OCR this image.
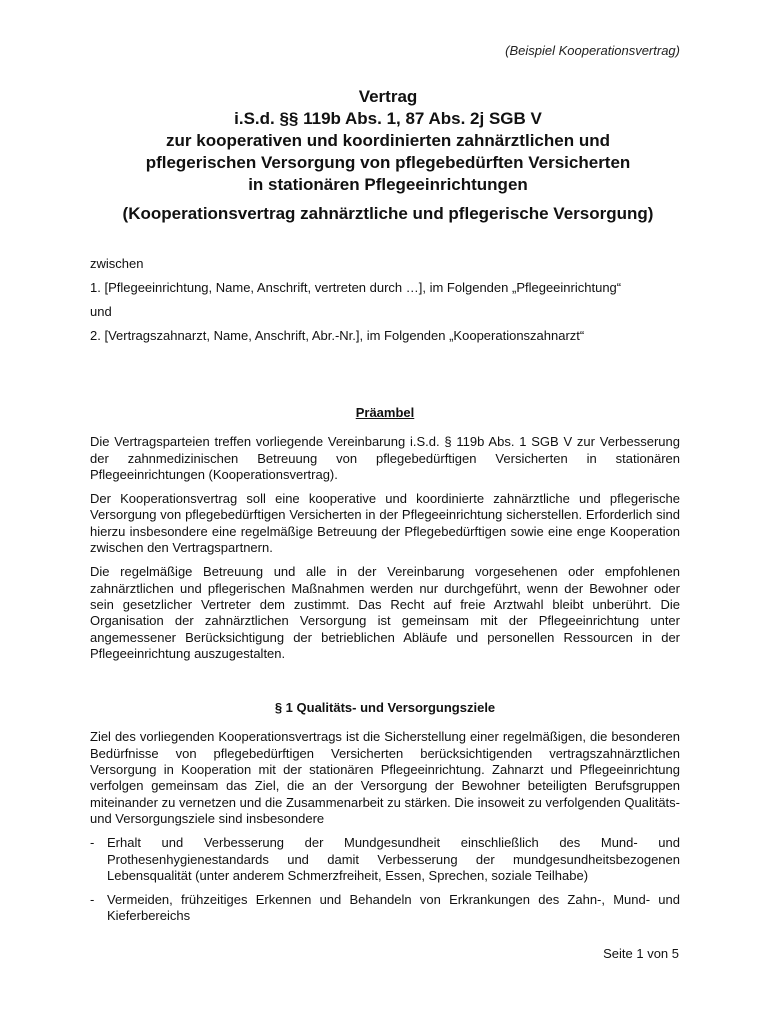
(Beispiel Kooperationsvertrag)

Vertrag

i.S.d. §§ 119b Abs. 1, 87 Abs. 2j SGB V

zur kooperativen und koordinierten zahnärztlichen und

pflegerischen Versorgung von pflegebedürften Versicherten

in stationären Pflegeeinrichtungen

(Kooperationsvertrag zahnärztliche und pflegerische Versorgung)

zwischen

1. [Pflegeeinrichtung, Name, Anschrift, vertreten durch …], im Folgenden „Pflegeeinrichtung“

und

2. [Vertragszahnarzt, Name, Anschrift, Abr.-Nr.], im Folgenden „Kooperationszahnarzt“

Präambel

Die Vertragsparteien treffen vorliegende Vereinbarung i.S.d. § 119b Abs. 1 SGB V zur Verbesserung der zahnmedizinischen Betreuung von pflegebedürftigen Versicherten in stationären Pflegeeinrichtungen (Kooperationsvertrag).

Der Kooperationsvertrag soll eine kooperative und koordinierte zahnärztliche und pflegerische Versorgung von pflegebedürftigen Versicherten in der Pflegeeinrichtung sicherstellen. Erforderlich sind hierzu insbesondere eine regelmäßige Betreuung der Pflegebedürftigen sowie eine enge Kooperation zwischen den Vertragspartnern.

Die regelmäßige Betreuung und alle in der Vereinbarung vorgesehenen oder empfohlenen zahnärztlichen und pflegerischen Maßnahmen werden nur durchgeführt, wenn der Bewohner oder sein gesetzlicher Vertreter dem zustimmt. Das Recht auf freie Arztwahl bleibt unberührt. Die Organisation der zahnärztlichen Versorgung ist gemeinsam mit der Pflegeeinrichtung unter angemessener Berücksichtigung der betrieblichen Abläufe und personellen Ressourcen in der Pflegeeinrichtung auszugestalten.

§ 1 Qualitäts- und Versorgungsziele

Ziel des vorliegenden Kooperationsvertrags ist die Sicherstellung einer regelmäßigen, die besonderen Bedürfnisse von pflegebedürftigen Versicherten berücksichtigenden vertragszahnärztlichen Versorgung in Kooperation mit der stationären Pflegeeinrichtung. Zahnarzt und Pflegeeinrichtung verfolgen gemeinsam das Ziel, die an der Versorgung der Bewohner beteiligten Berufsgruppen miteinander zu vernetzen und die Zusammenarbeit zu stärken. Die insoweit zu verfolgenden Qualitäts- und Versorgungsziele sind insbesondere

- Erhalt und Verbesserung der Mundgesundheit einschließlich des Mund- und Prothesenhygienestandards und damit Verbesserung der mundgesundheitsbezogenen Lebensqualität (unter anderem Schmerzfreiheit, Essen, Sprechen, soziale Teilhabe)
- Vermeiden, frühzeitiges Erkennen und Behandeln von Erkrankungen des Zahn-, Mund- und Kieferbereichs
Seite 1 von 5
